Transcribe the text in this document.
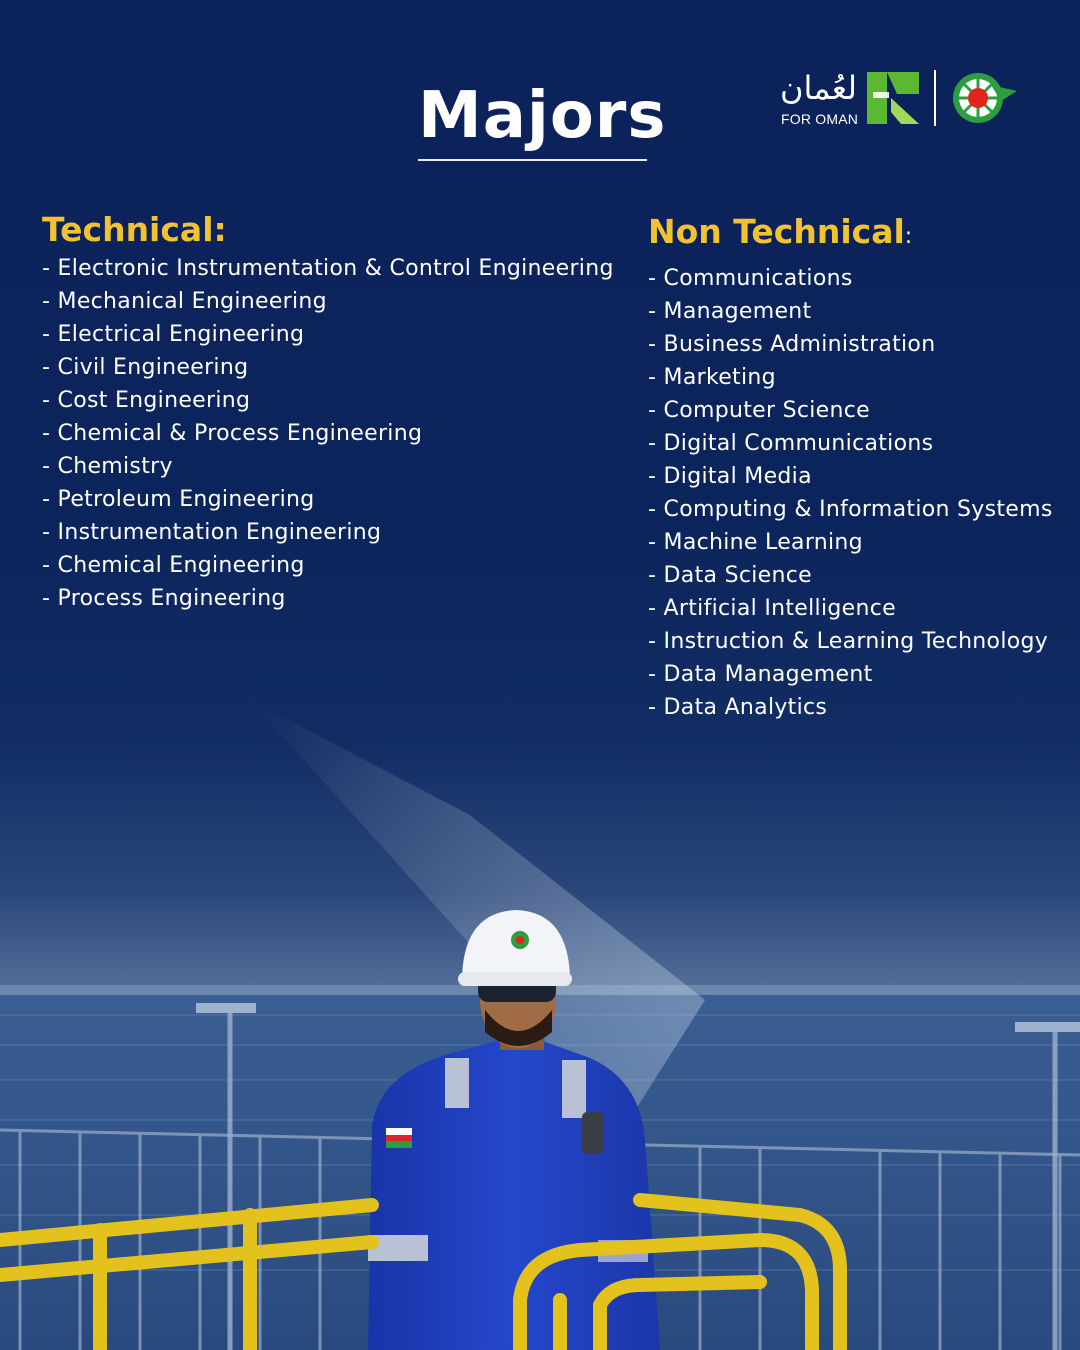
Majors	لعُمان
FOR OMAN
Technical:
- Electronic Instrumentation & Control Engineering
- Mechanical Engineering
- Electrical Engineering
- Civil Engineering
- Cost Engineering
- Chemical & Process Engineering
- Chemistry
- Petroleum Engineering
- Instrumentation Engineering
- Chemical Engineering
- Process Engineering
Non Technical:
- Communications
- Management
- Business Administration
- Marketing
- Computer Science
- Digital Communications
- Digital Media
- Computing & Information Systems
- Machine Learning
- Data Science
- Artificial Intelligence
- Instruction & Learning Technology
- Data Management
- Data Analytics
